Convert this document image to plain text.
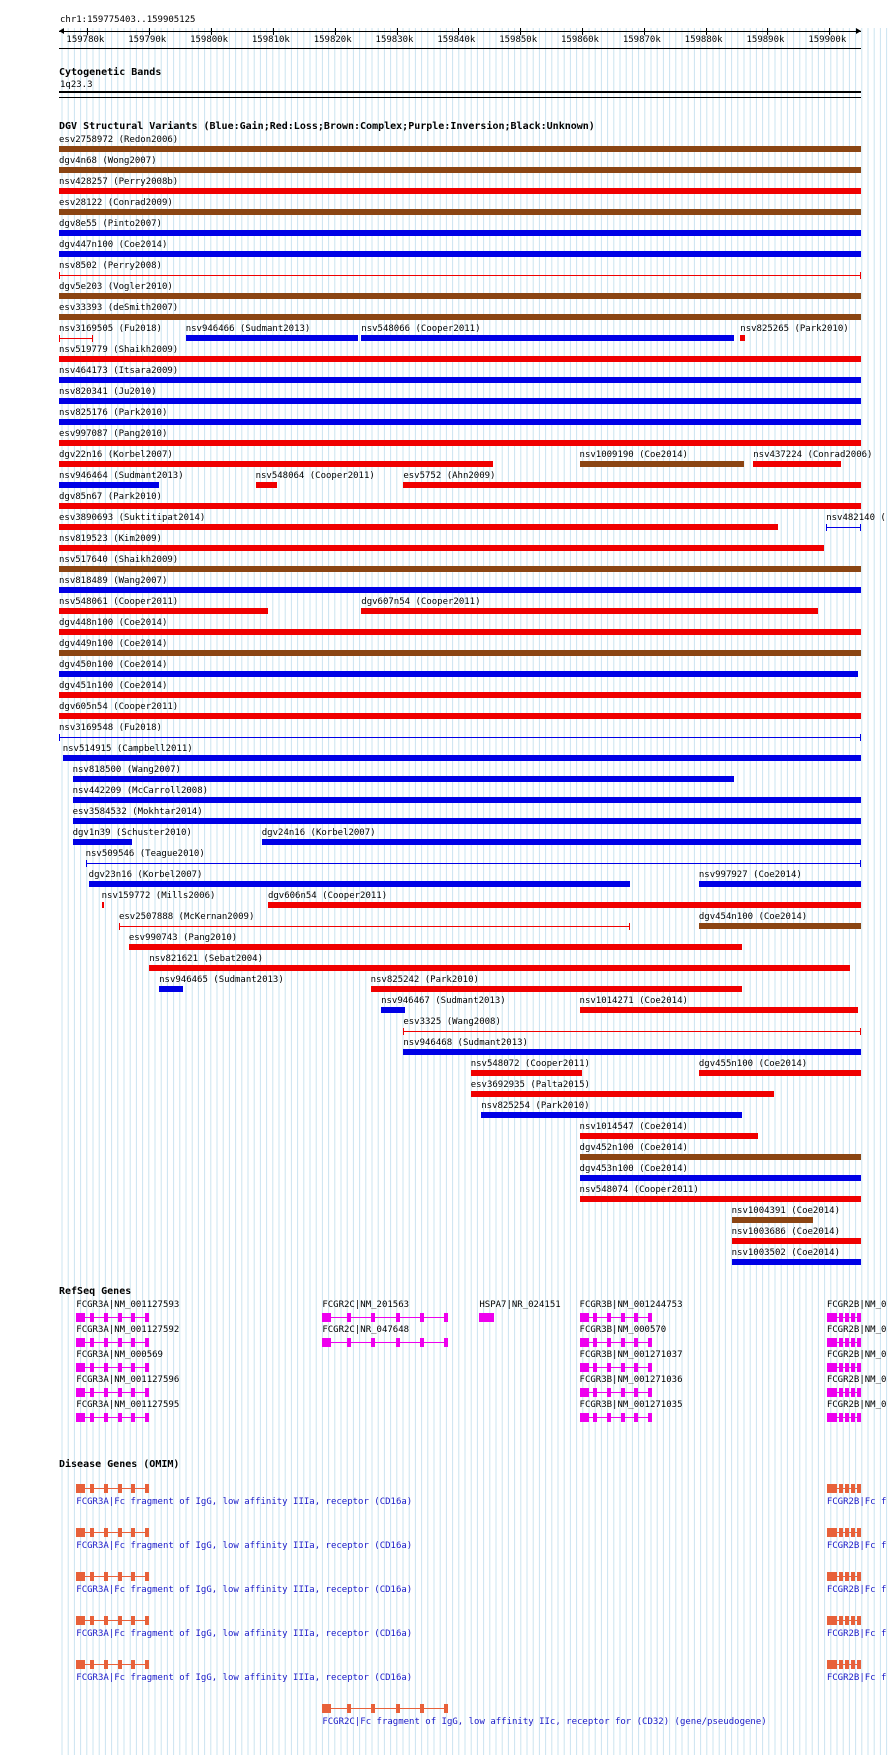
chr1:159775403..159905125
159780k	159790k	159800k	159810k	159820k	159830k	159840k	159850k	159860k	159870k	159880k	159890k	159900k
Cytogenetic Bands
1q23.3
DGV Structural Variants (Blue:Gain;Red:Loss;Brown:Complex;Purple:Inversion;Black:Unknown)
esv2758972 (Redon2006)
dgv4n68 (Wong2007)
nsv428257 (Perry2008b)
esv28122 (Conrad2009)
dgv8e55 (Pinto2007)
dgv447n100 (Coe2014)
nsv8502 (Perry2008)
dgv5e203 (Vogler2010)
esv33393 (deSmith2007)
nsv3169505 (Fu2018)	nsv946466 (Sudmant2013)	nsv548066 (Cooper2011)	nsv825265 (Park2010)
nsv519779 (Shaikh2009)
nsv464173 (Itsara2009)
nsv820341 (Ju2010)
nsv825176 (Park2010)
esv997087 (Pang2010)
dgv22n16 (Korbel2007)	nsv1009190 (Coe2014)	nsv437224 (Conrad2006)
nsv946464 (Sudmant2013)	nsv548064 (Cooper2011)	esv5752 (Ahn2009)
dgv85n67 (Park2010)
esv3890693 (Suktitipat2014)	nsv482140 (
nsv819523 (Kim2009)
nsv517640 (Shaikh2009)
nsv818489 (Wang2007)
nsv548061 (Cooper2011)	dgv607n54 (Cooper2011)
dgv448n100 (Coe2014)
dgv449n100 (Coe2014)
dgv450n100 (Coe2014)
dgv451n100 (Coe2014)
dgv605n54 (Cooper2011)
nsv3169548 (Fu2018)
nsv514915 (Campbell2011)
nsv818500 (Wang2007)
nsv442209 (McCarroll2008)
esv3584532 (Mokhtar2014)
dgv1n39 (Schuster2010)	dgv24n16 (Korbel2007)
nsv509546 (Teague2010)
dgv23n16 (Korbel2007)	nsv997927 (Coe2014)
nsv159772 (Mills2006)	dgv606n54 (Cooper2011)
esv2507888 (McKernan2009)	dgv454n100 (Coe2014)
esv990743 (Pang2010)
nsv821621 (Sebat2004)
nsv946465 (Sudmant2013)	nsv825242 (Park2010)
nsv946467 (Sudmant2013)	nsv1014271 (Coe2014)
esv3325 (Wang2008)
nsv946468 (Sudmant2013)
nsv548072 (Cooper2011)	dgv455n100 (Coe2014)
esv3692935 (Palta2015)
nsv825254 (Park2010)
nsv1014547 (Coe2014)
dgv452n100 (Coe2014)
dgv453n100 (Coe2014)
nsv548074 (Cooper2011)
nsv1004391 (Coe2014)
nsv1003686 (Coe2014)
nsv1003502 (Coe2014)
RefSeq Genes
FCGR3A|NM_001127593	FCGR2C|NM_201563	HSPA7|NR_024151 FCGR3B|NM_001244753	FCGR2B|NM_0
FCGR3A|NM_001127592	FCGR2C|NR_047648	FCGR3B|NM_000570	FCGR2B|NM_0
FCGR3A|NM_000569	FCGR3B|NM_001271037	FCGR2B|NM_0
FCGR3A|NM_001127596	FCGR3B|NM_001271036	FCGR2B|NM_0
FCGR3A|NM_001127595	FCGR3B|NM_001271035	FCGR2B|NM_0
Disease Genes (OMIM)
FCGR3A|Fc fragment of IgG, low affinity IIIa, receptor (CD16a)	FCGR2B|Fc f
FCGR3A|Fc fragment of IgG, low affinity IIIa, receptor (CD16a)	FCGR2B|Fc f
FCGR3A|Fc fragment of IgG, low affinity IIIa, receptor (CD16a)	FCGR2B|Fc f
FCGR3A|Fc fragment of IgG, low affinity IIIa, receptor (CD16a)	FCGR2B|Fc f
FCGR3A|Fc fragment of IgG, low affinity IIIa, receptor (CD16a)	FCGR2B|Fc f
FCGR2C|Fc fragment of IgG, low affinity IIc, receptor for (CD32) (gene/pseudogene)
